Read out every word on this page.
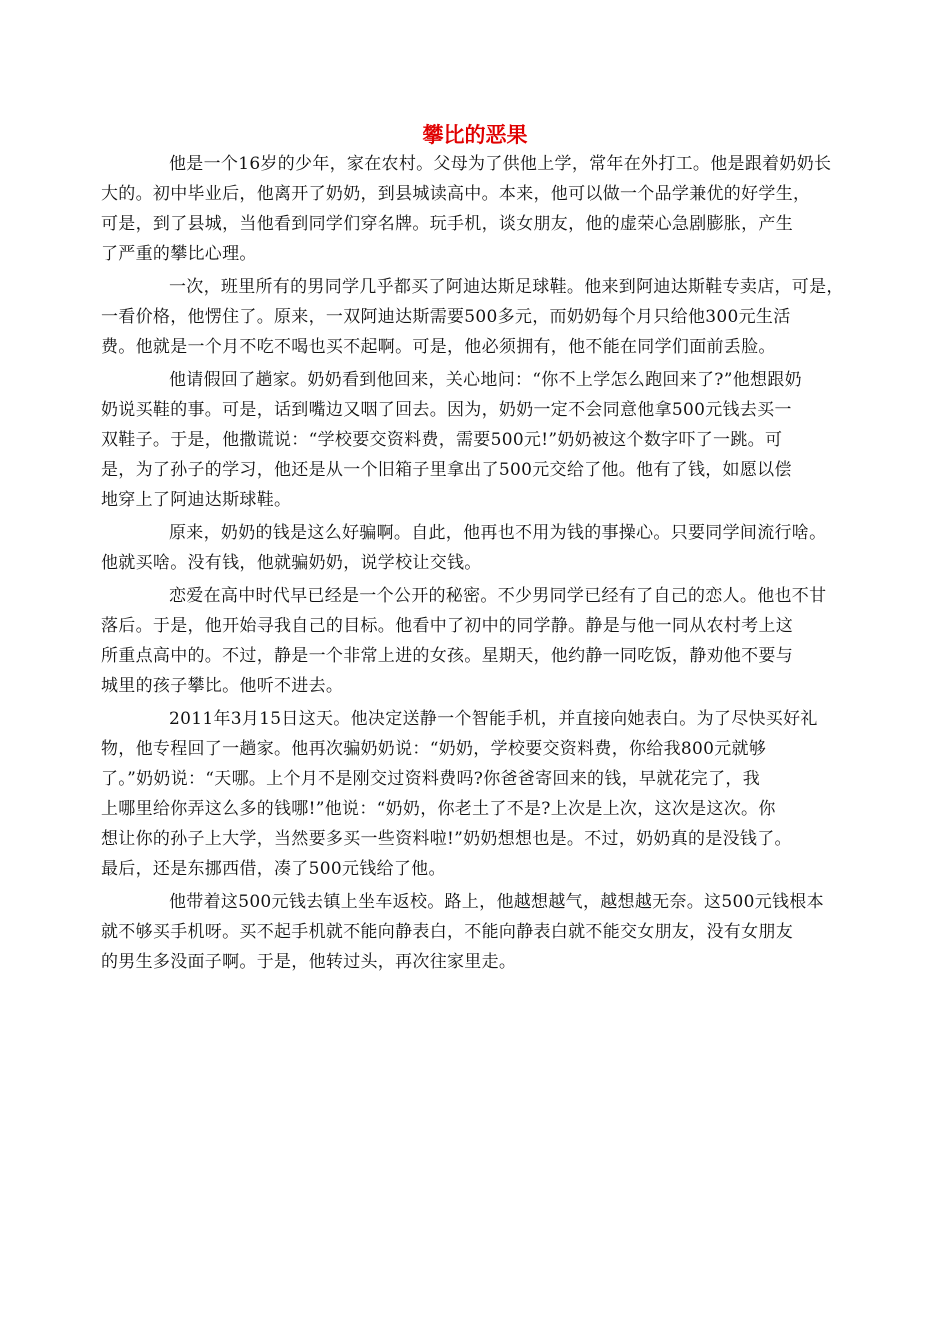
攀比的恶果

他是一个16岁的少年，家在农村。父母为了供他上学，常年在外打工。他是跟着奶奶长
大的。初中毕业后，他离开了奶奶，到县城读高中。本来，他可以做一个品学兼优的好学生，
可是，到了县城，当他看到同学们穿名牌。玩手机，谈女朋友，他的虚荣心急剧膨胀，产生
了严重的攀比心理。

一次，班里所有的男同学几乎都买了阿迪达斯足球鞋。他来到阿迪达斯鞋专卖店，可是，
一看价格，他愣住了。原来，一双阿迪达斯需要500多元，而奶奶每个月只给他300元生活
费。他就是一个月不吃不喝也买不起啊。可是，他必须拥有，他不能在同学们面前丢脸。

他请假回了趟家。奶奶看到他回来，关心地问：“你不上学怎么跑回来了?”他想跟奶
奶说买鞋的事。可是，话到嘴边又咽了回去。因为，奶奶一定不会同意他拿500元钱去买一
双鞋子。于是，他撒谎说：“学校要交资料费，需要500元!”奶奶被这个数字吓了一跳。可
是，为了孙子的学习，他还是从一个旧箱子里拿出了500元交给了他。他有了钱，如愿以偿
地穿上了阿迪达斯球鞋。

原来，奶奶的钱是这么好骗啊。自此，他再也不用为钱的事操心。只要同学间流行啥。
他就买啥。没有钱，他就骗奶奶，说学校让交钱。

恋爱在高中时代早已经是一个公开的秘密。不少男同学已经有了自己的恋人。他也不甘
落后。于是，他开始寻我自己的目标。他看中了初中的同学静。静是与他一同从农村考上这
所重点高中的。不过，静是一个非常上进的女孩。星期天，他约静一同吃饭，静劝他不要与
城里的孩子攀比。他听不进去。

2011年3月15日这天。他决定送静一个智能手机，并直接向她表白。为了尽快买好礼
物，他专程回了一趟家。他再次骗奶奶说：“奶奶，学校要交资料费，你给我800元就够
了。”奶奶说：“天哪。上个月不是刚交过资料费吗?你爸爸寄回来的钱，早就花完了，我
上哪里给你弄这么多的钱哪!”他说：“奶奶，你老土了不是?上次是上次，这次是这次。你
想让你的孙子上大学，当然要多买一些资料啦!”奶奶想想也是。不过，奶奶真的是没钱了。
最后，还是东挪西借，凑了500元钱给了他。

他带着这500元钱去镇上坐车返校。路上，他越想越气，越想越无奈。这500元钱根本
就不够买手机呀。买不起手机就不能向静表白，不能向静表白就不能交女朋友，没有女朋友
的男生多没面子啊。于是，他转过头，再次往家里走。
